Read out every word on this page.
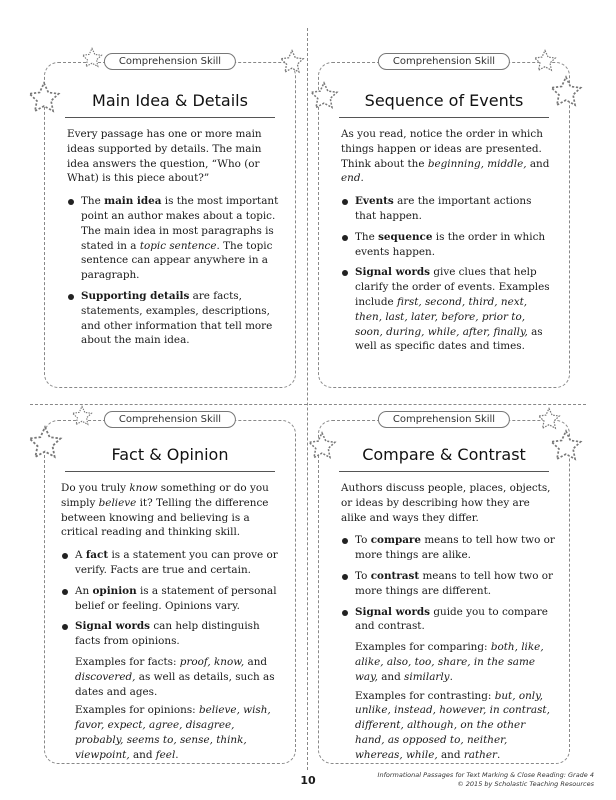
Comprehension Skill
Main Idea & Details

Every passage has one or more main ideas supported by details. The main idea answers the question, “Who (or What) is this piece about?”

The main idea is the most important point an author makes about a topic. The main idea in most paragraphs is stated in a topic sentence. The topic sentence can appear anywhere in a paragraph.
Supporting details are facts, statements, examples, descriptions, and other information that tell more about the main idea.
Comprehension Skill
Sequence of Events

As you read, notice the order in which things happen or ideas are presented. Think about the beginning, middle, and end.

Events are the important actions that happen.
The sequence is the order in which events happen.
Signal words give clues that help clarify the order of events. Examples include first, second, third, next, then, last, later, before, prior to, soon, during, while, after, finally, as well as specific dates and times.
Comprehension Skill
Fact & Opinion

Do you truly know something or do you simply believe it? Telling the difference between knowing and believing is a critical reading and thinking skill.

A fact is a statement you can prove or verify. Facts are true and certain.
An opinion is a statement of personal belief or feeling. Opinions vary.
Signal words can help distinguish facts from opinions.

Examples for facts: proof, know, and discovered, as well as details, such as dates and ages.

Examples for opinions: believe, wish, favor, expect, agree, disagree, probably, seems to, sense, think, viewpoint, and feel.

Comprehension Skill
Compare & Contrast

Authors discuss people, places, objects, or ideas by describing how they are alike and ways they differ.

To compare means to tell how two or more things are alike.
To contrast means to tell how two or more things are different.
Signal words guide you to compare and contrast.

Examples for comparing: both, like, alike, also, too, share, in the same way, and similarly.

Examples for contrasting: but, only, unlike, instead, however, in contrast, different, although, on the other hand, as opposed to, neither, whereas, while, and rather.

10	Informational Passages for Text Marking & Close Reading: Grade 4
© 2015 by Scholastic Teaching Resources
